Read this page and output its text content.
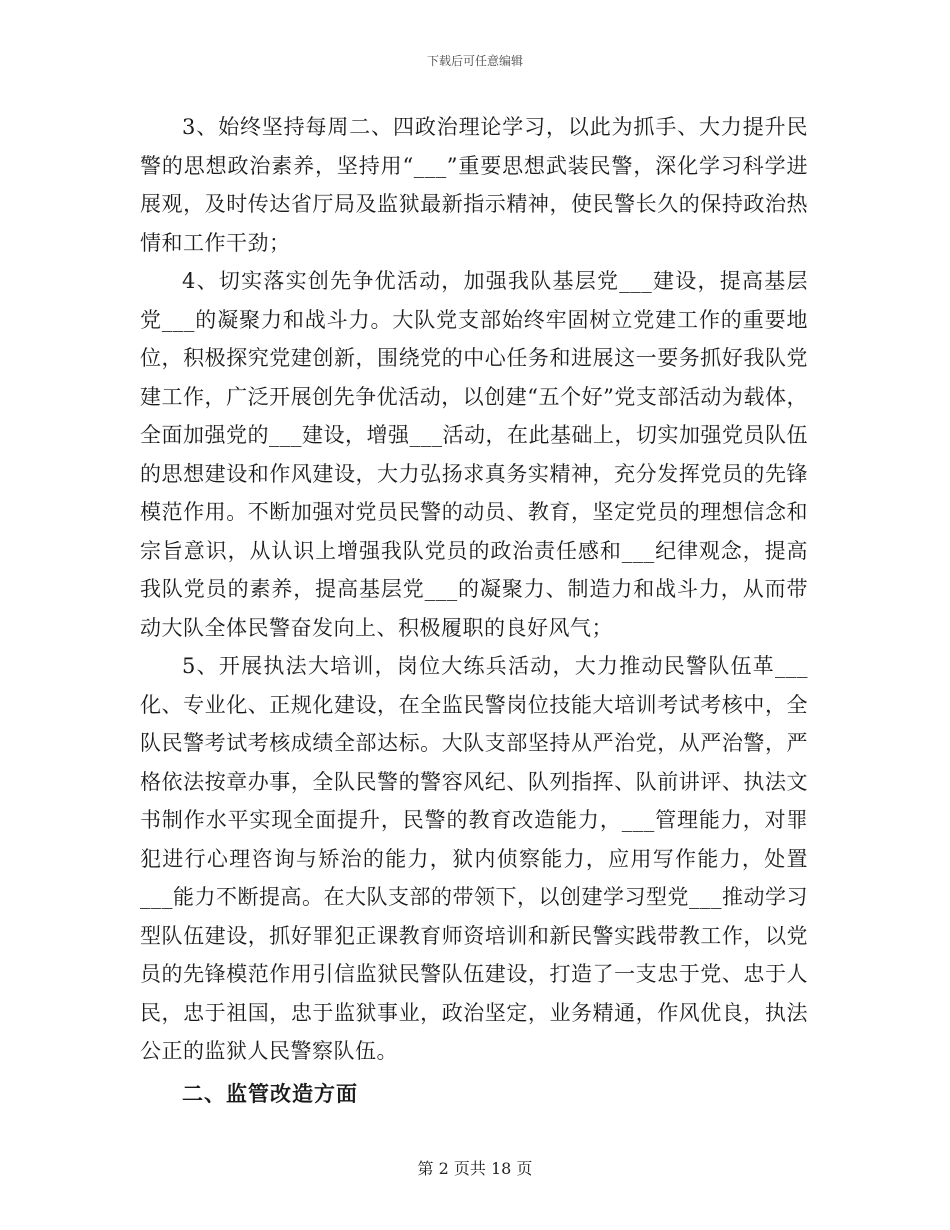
下载后可任意编辑

3、始终坚持每周二、四政治理论学习，以此为抓手、大力提升民警的思想政治素养，坚持用“___”重要思想武装民警，深化学习科学进展观，及时传达省厅局及监狱最新指示精神，使民警长久的保持政治热情和工作干劲；

4、切实落实创先争优活动，加强我队基层党___建设，提高基层党___的凝聚力和战斗力。大队党支部始终牢固树立党建工作的重要地位，积极探究党建创新，围绕党的中心任务和进展这一要务抓好我队党建工作，广泛开展创先争优活动，以创建“五个好”党支部活动为载体，全面加强党的___建设，增强___活动，在此基础上，切实加强党员队伍的思想建设和作风建设，大力弘扬求真务实精神，充分发挥党员的先锋模范作用。不断加强对党员民警的动员、教育，坚定党员的理想信念和宗旨意识，从认识上增强我队党员的政治责任感和___纪律观念，提高我队党员的素养，提高基层党___的凝聚力、制造力和战斗力，从而带动大队全体民警奋发向上、积极履职的良好风气；

5、开展执法大培训，岗位大练兵活动，大力推动民警队伍革___化、专业化、正规化建设，在全监民警岗位技能大培训考试考核中，全队民警考试考核成绩全部达标。大队支部坚持从严治党，从严治警，严格依法按章办事，全队民警的警容风纪、队列指挥、队前讲评、执法文书制作水平实现全面提升，民警的教育改造能力，___管理能力，对罪犯进行心理咨询与矫治的能力，狱内侦察能力，应用写作能力，处置___能力不断提高。在大队支部的带领下，以创建学习型党___推动学习型队伍建设，抓好罪犯正课教育师资培训和新民警实践带教工作，以党员的先锋模范作用引信监狱民警队伍建设，打造了一支忠于党、忠于人民，忠于祖国，忠于监狱事业，政治坚定，业务精通，作风优良，执法公正的监狱人民警察队伍。

二、监管改造方面

第 2 页共 18 页
